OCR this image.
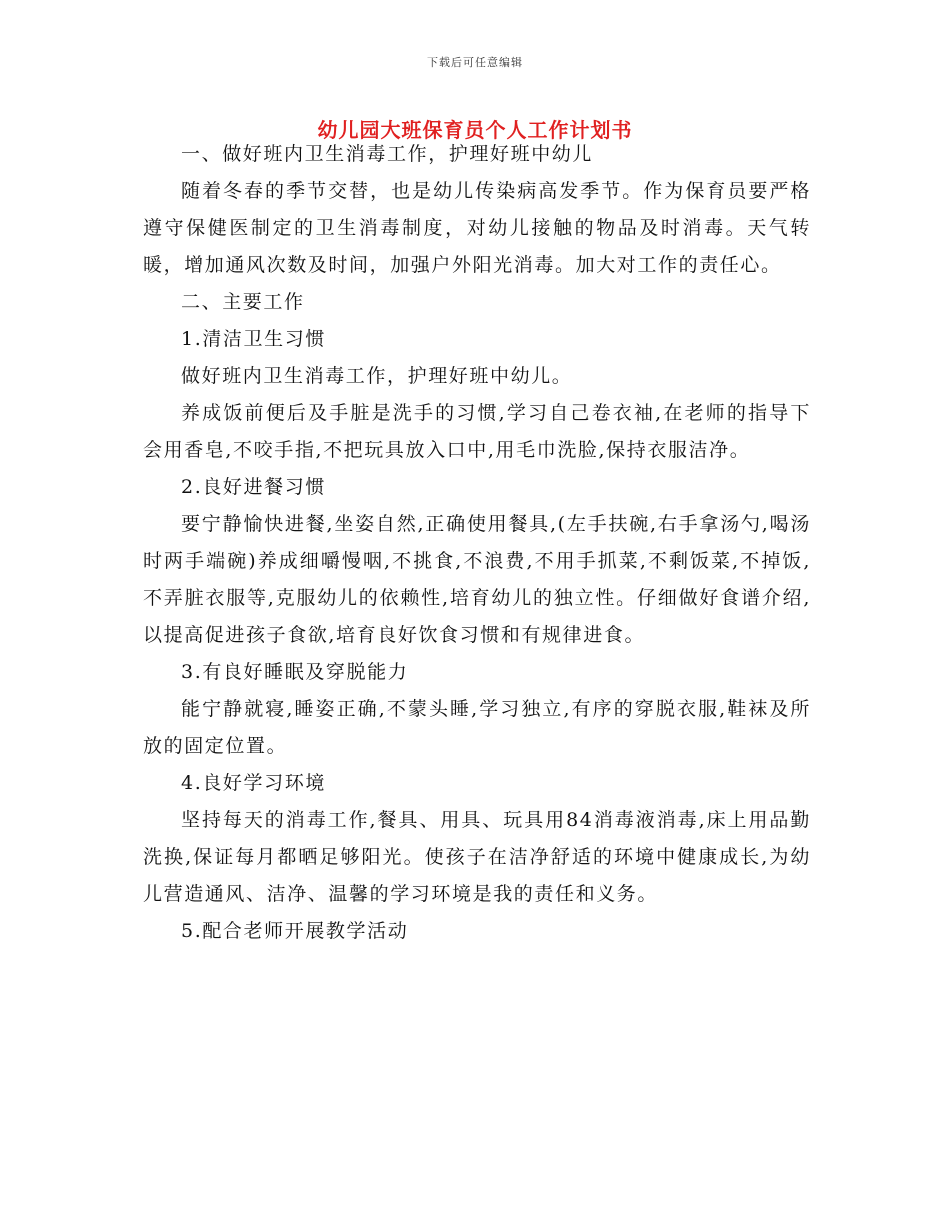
下载后可任意编辑
幼儿园大班保育员个人工作计划书

一、做好班内卫生消毒工作，护理好班中幼儿

随着冬春的季节交替，也是幼儿传染病高发季节。作为保育员要严格遵守保健医制定的卫生消毒制度，对幼儿接触的物品及时消毒。天气转暖，增加通风次数及时间，加强户外阳光消毒。加大对工作的责任心。

二、主要工作

1.清洁卫生习惯

做好班内卫生消毒工作，护理好班中幼儿。

养成饭前便后及手脏是洗手的习惯,学习自己卷衣袖,在老师的指导下会用香皂,不咬手指,不把玩具放入口中,用毛巾洗脸,保持衣服洁净。

2.良好进餐习惯

要宁静愉快进餐,坐姿自然,正确使用餐具,(左手扶碗,右手拿汤勺,喝汤时两手端碗)养成细嚼慢咽,不挑食,不浪费,不用手抓菜,不剩饭菜,不掉饭,不弄脏衣服等,克服幼儿的依赖性,培育幼儿的独立性。仔细做好食谱介绍,以提高促进孩子食欲,培育良好饮食习惯和有规律进食。

3.有良好睡眠及穿脱能力

能宁静就寝,睡姿正确,不蒙头睡,学习独立,有序的穿脱衣服,鞋袜及所放的固定位置。

4.良好学习环境

坚持每天的消毒工作,餐具、用具、玩具用84消毒液消毒,床上用品勤洗换,保证每月都晒足够阳光。使孩子在洁净舒适的环境中健康成长,为幼儿营造通风、洁净、温馨的学习环境是我的责任和义务。

5.配合老师开展教学活动
